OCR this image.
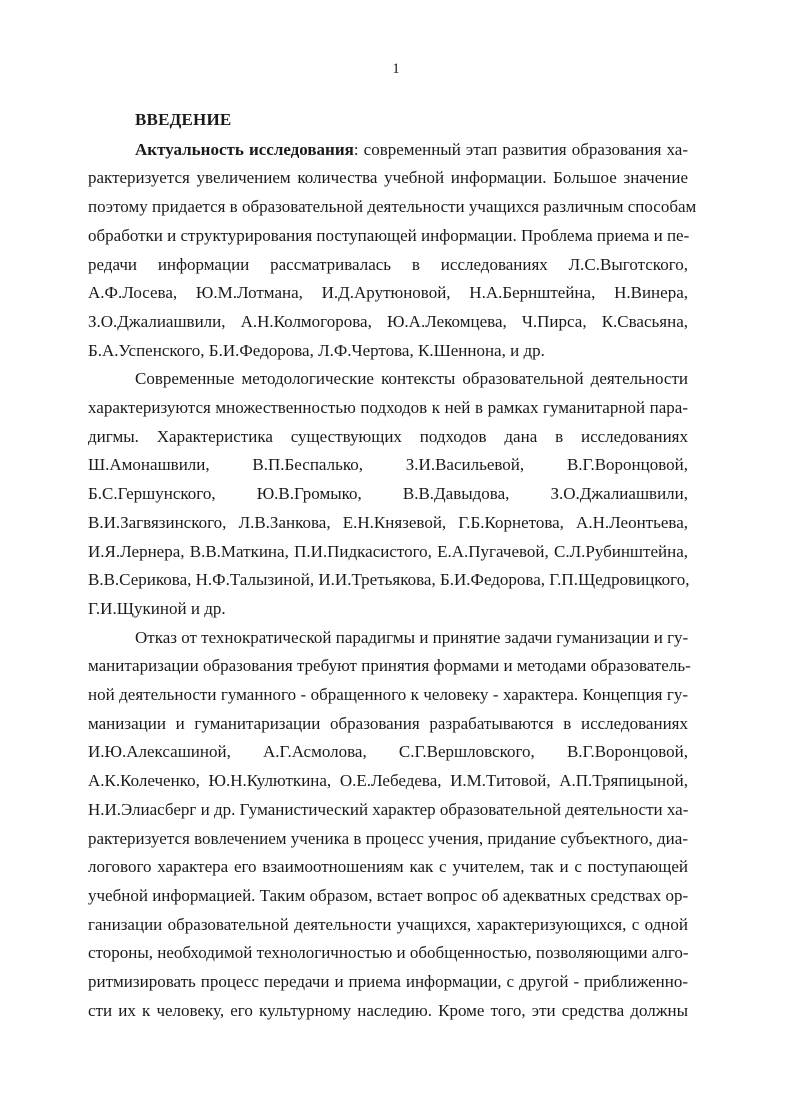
1
ВВЕДЕНИЕ
Актуальность исследования: современный этап развития образования ха-
рактеризуется увеличением количества учебной информации. Большое значение
поэтому придается в образовательной деятельности учащихся различным способам
обработки и структурирования поступающей информации. Проблема приема и пе-
редачи информации рассматривалась в исследованиях Л.С.Выготского,
А.Ф.Лосева, Ю.М.Лотмана, И.Д.Арутюновой, Н.А.Бернштейна, Н.Винера,
З.О.Джалиашвили, А.Н.Колмогорова, Ю.А.Лекомцева, Ч.Пирса, К.Свасьяна,
Б.А.Успенского, Б.И.Федорова, Л.Ф.Чертова, К.Шеннона, и др.
Современные методологические контексты образовательной деятельности
характеризуются множественностью подходов к ней в рамках гуманитарной пара-
дигмы. Характеристика существующих подходов дана в исследованиях
Ш.Амонашвили, В.П.Беспалько, З.И.Васильевой, В.Г.Воронцовой,
Б.С.Гершунского, Ю.В.Громыко, В.В.Давыдова, З.О.Джалиашвили,
В.И.Загвязинского, Л.В.Занкова, Е.Н.Князевой, Г.Б.Корнетова, А.Н.Леонтьева,
И.Я.Лернера, В.В.Маткина, П.И.Пидкасистого, Е.А.Пугачевой, С.Л.Рубинштейна,
В.В.Серикова, Н.Ф.Талызиной, И.И.Третьякова, Б.И.Федорова, Г.П.Щедровицкого,
Г.И.Щукиной и др.
Отказ от технократической парадигмы и принятие задачи гуманизации и гу-
манитаризации образования требуют принятия формами и методами образователь-
ной деятельности гуманного - обращенного к человеку - характера. Концепция гу-
манизации и гуманитаризации образования разрабатываются в исследованиях
И.Ю.Алексашиной, А.Г.Асмолова, С.Г.Вершловского, В.Г.Воронцовой,
А.К.Колеченко, Ю.Н.Кулюткина, О.Е.Лебедева, И.М.Титовой, А.П.Тряпицыной,
Н.И.Элиасберг и др. Гуманистический характер образовательной деятельности ха-
рактеризуется вовлечением ученика в процесс учения, придание субъектного, диа-
логового характера его взаимоотношениям как с учителем, так и с поступающей
учебной информацией. Таким образом, встает вопрос об адекватных средствах ор-
ганизации образовательной деятельности учащихся, характеризующихся, с одной
стороны, необходимой технологичностью и обобщенностью, позволяющими алго-
ритмизировать процесс передачи и приема информации, с другой - приближенно-
сти их к человеку, его культурному наследию. Кроме того, эти средства должны
